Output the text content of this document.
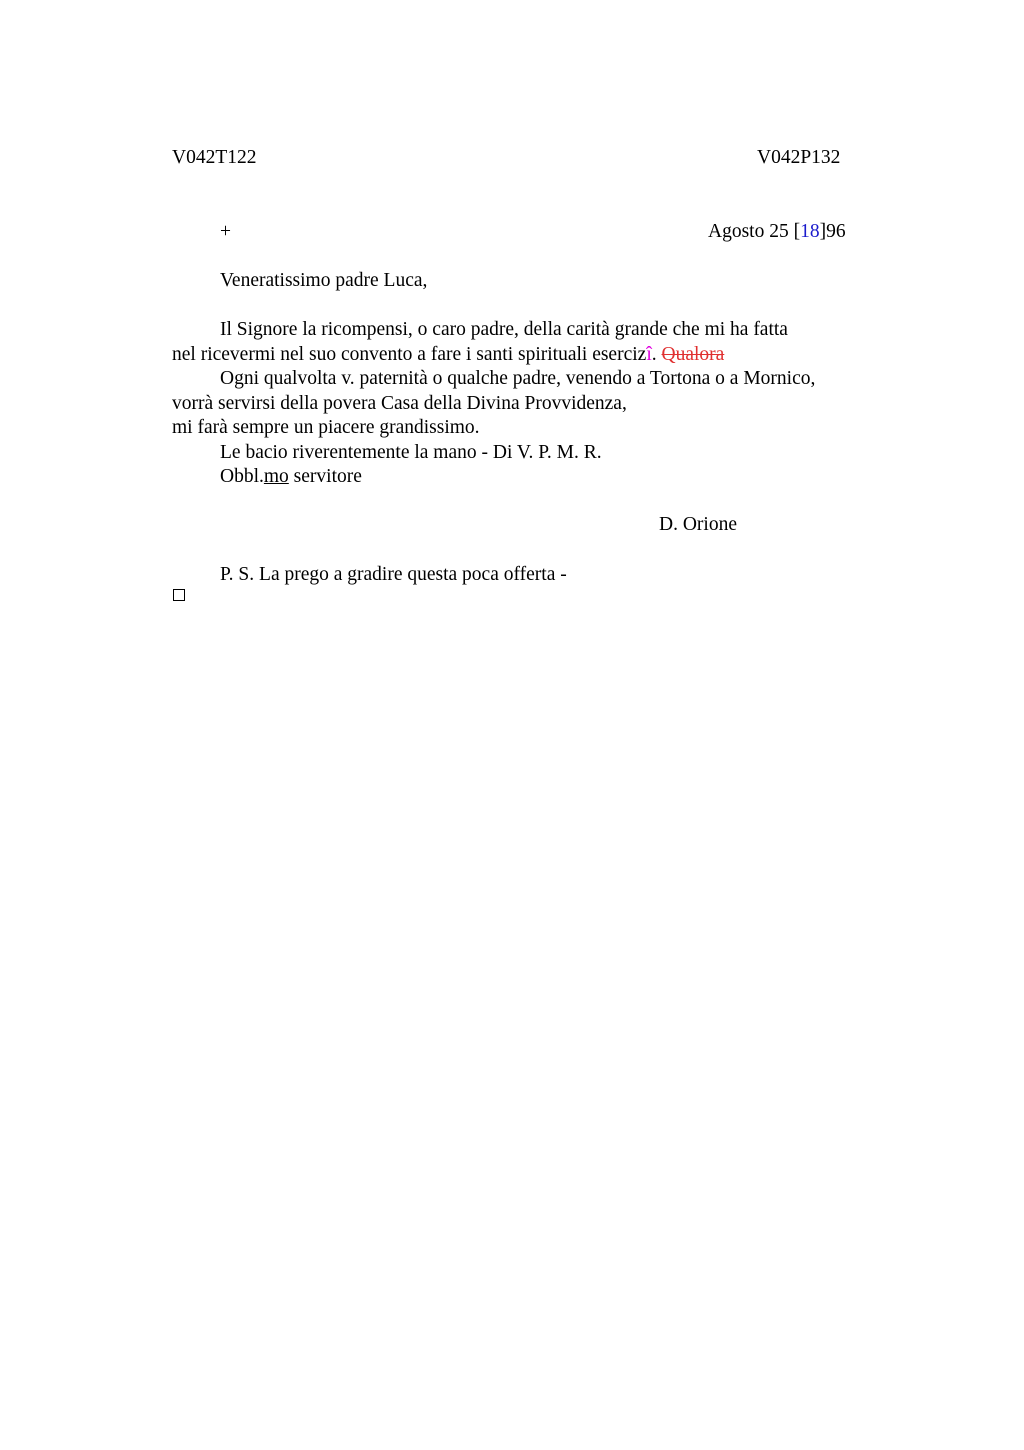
V042T122	V042P132
+	Agosto 25 [18]96
Veneratissimo padre Luca,
Il Signore la ricompensi, o caro padre, della carità grande che mi ha fatta
nel ricevermi nel suo convento a fare i santi spirituali esercizî. Qualora
Ogni qualvolta v. paternità o qualche padre, venendo a Tortona o a Mornico,
vorrà servirsi della povera Casa della Divina Provvidenza,
mi farà sempre un piacere grandissimo.
Le bacio riverentemente la mano - Di V. P. M. R.
Obbl.mo servitore
D. Orione
P. S. La prego a gradire questa poca offerta -
